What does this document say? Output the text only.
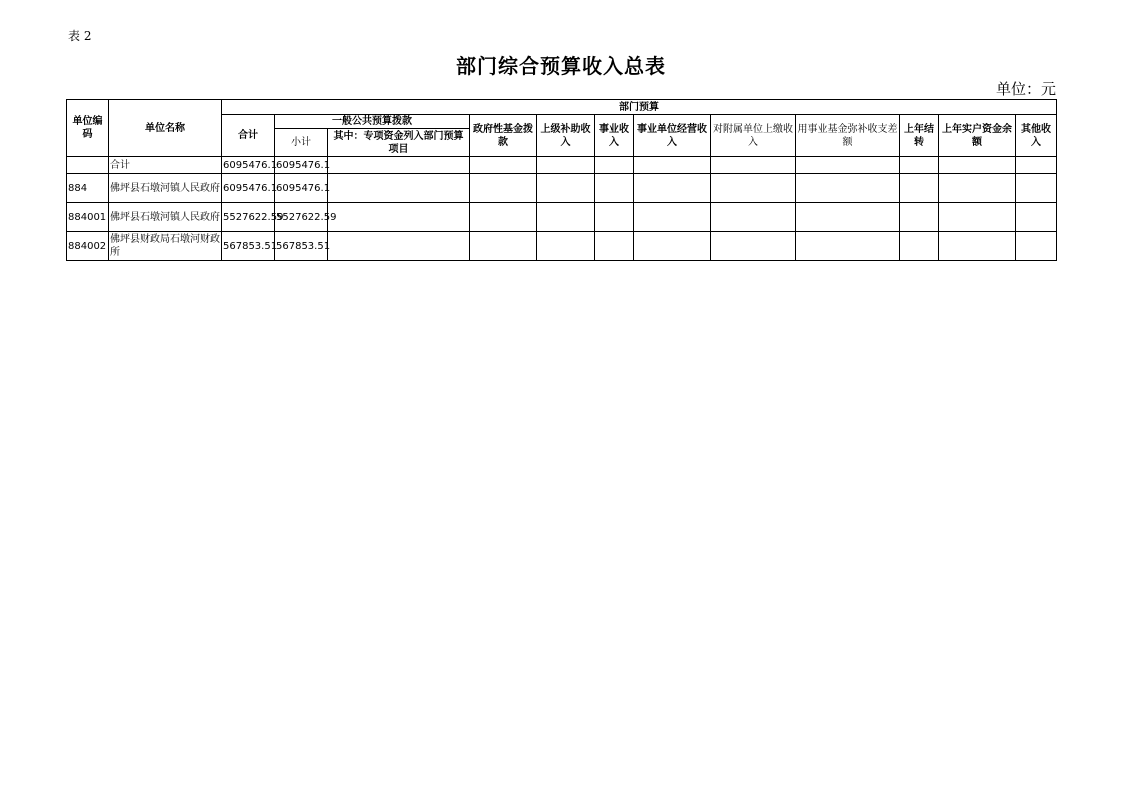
表 2
部门综合预算收入总表
单位：元
单位编码	单位名称	部门预算											
		合计	一般公共预算拨款		政府性基金拨款	上级补助收入	事业收入	事业单位经营收入	对附属单位上缴收入	用事业基金弥补收支差额	上年结转	上年实户资金余额	其他收入
			小计	其中：专项资金列入部门预算项目									
	合计	6095476.1	6095476.1										
884	佛坪县石墩河镇人民政府	6095476.1	6095476.1										
884001	佛坪县石墩河镇人民政府	5527622.59	5527622.59										
884002	佛坪县财政局石墩河财政所	567853.51	567853.51										
